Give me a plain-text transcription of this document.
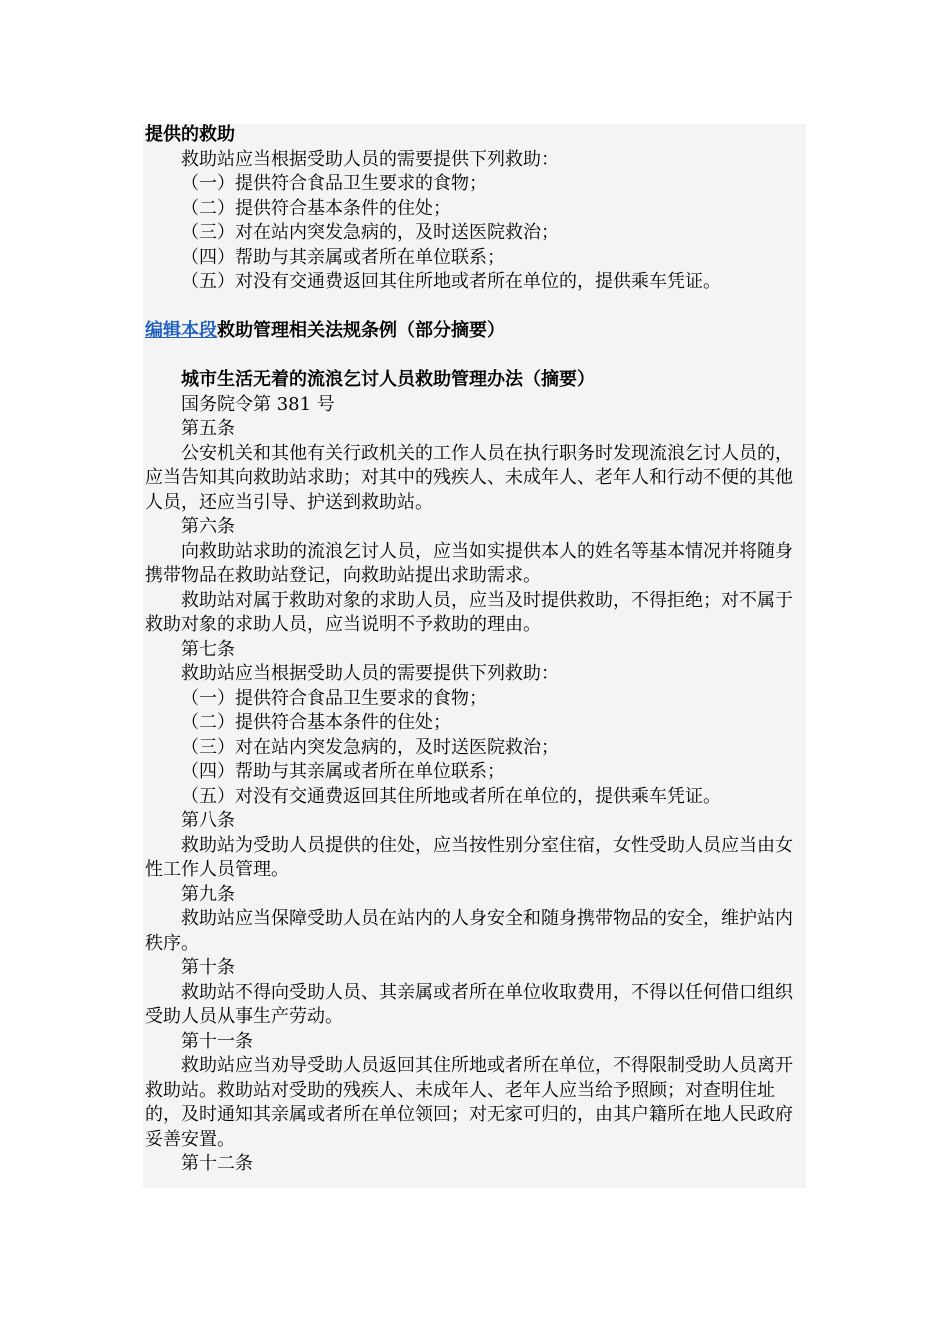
提供的救助

救助站应当根据受助人员的需要提供下列救助：

（一）提供符合食品卫生要求的食物；

（二）提供符合基本条件的住处；

（三）对在站内突发急病的，及时送医院救治；

（四）帮助与其亲属或者所在单位联系；

（五）对没有交通费返回其住所地或者所在单位的，提供乘车凭证。

编辑本段救助管理相关法规条例（部分摘要）

城市生活无着的流浪乞讨人员救助管理办法（摘要）

国务院令第 381 号

第五条

公安机关和其他有关行政机关的工作人员在执行职务时发现流浪乞讨人员的，应当告知其向救助站求助；对其中的残疾人、未成年人、老年人和行动不便的其他人员，还应当引导、护送到救助站。

第六条

向救助站求助的流浪乞讨人员，应当如实提供本人的姓名等基本情况并将随身携带物品在救助站登记，向救助站提出求助需求。

救助站对属于救助对象的求助人员，应当及时提供救助，不得拒绝；对不属于救助对象的求助人员，应当说明不予救助的理由。

第七条

救助站应当根据受助人员的需要提供下列救助：

（一）提供符合食品卫生要求的食物；

（二）提供符合基本条件的住处；

（三）对在站内突发急病的，及时送医院救治；

（四）帮助与其亲属或者所在单位联系；

（五）对没有交通费返回其住所地或者所在单位的，提供乘车凭证。

第八条

救助站为受助人员提供的住处，应当按性别分室住宿，女性受助人员应当由女性工作人员管理。

第九条

救助站应当保障受助人员在站内的人身安全和随身携带物品的安全，维护站内秩序。

第十条

救助站不得向受助人员、其亲属或者所在单位收取费用，不得以任何借口组织受助人员从事生产劳动。

第十一条

救助站应当劝导受助人员返回其住所地或者所在单位，不得限制受助人员离开救助站。救助站对受助的残疾人、未成年人、老年人应当给予照顾；对查明住址的，及时通知其亲属或者所在单位领回；对无家可归的，由其户籍所在地人民政府妥善安置。

第十二条
